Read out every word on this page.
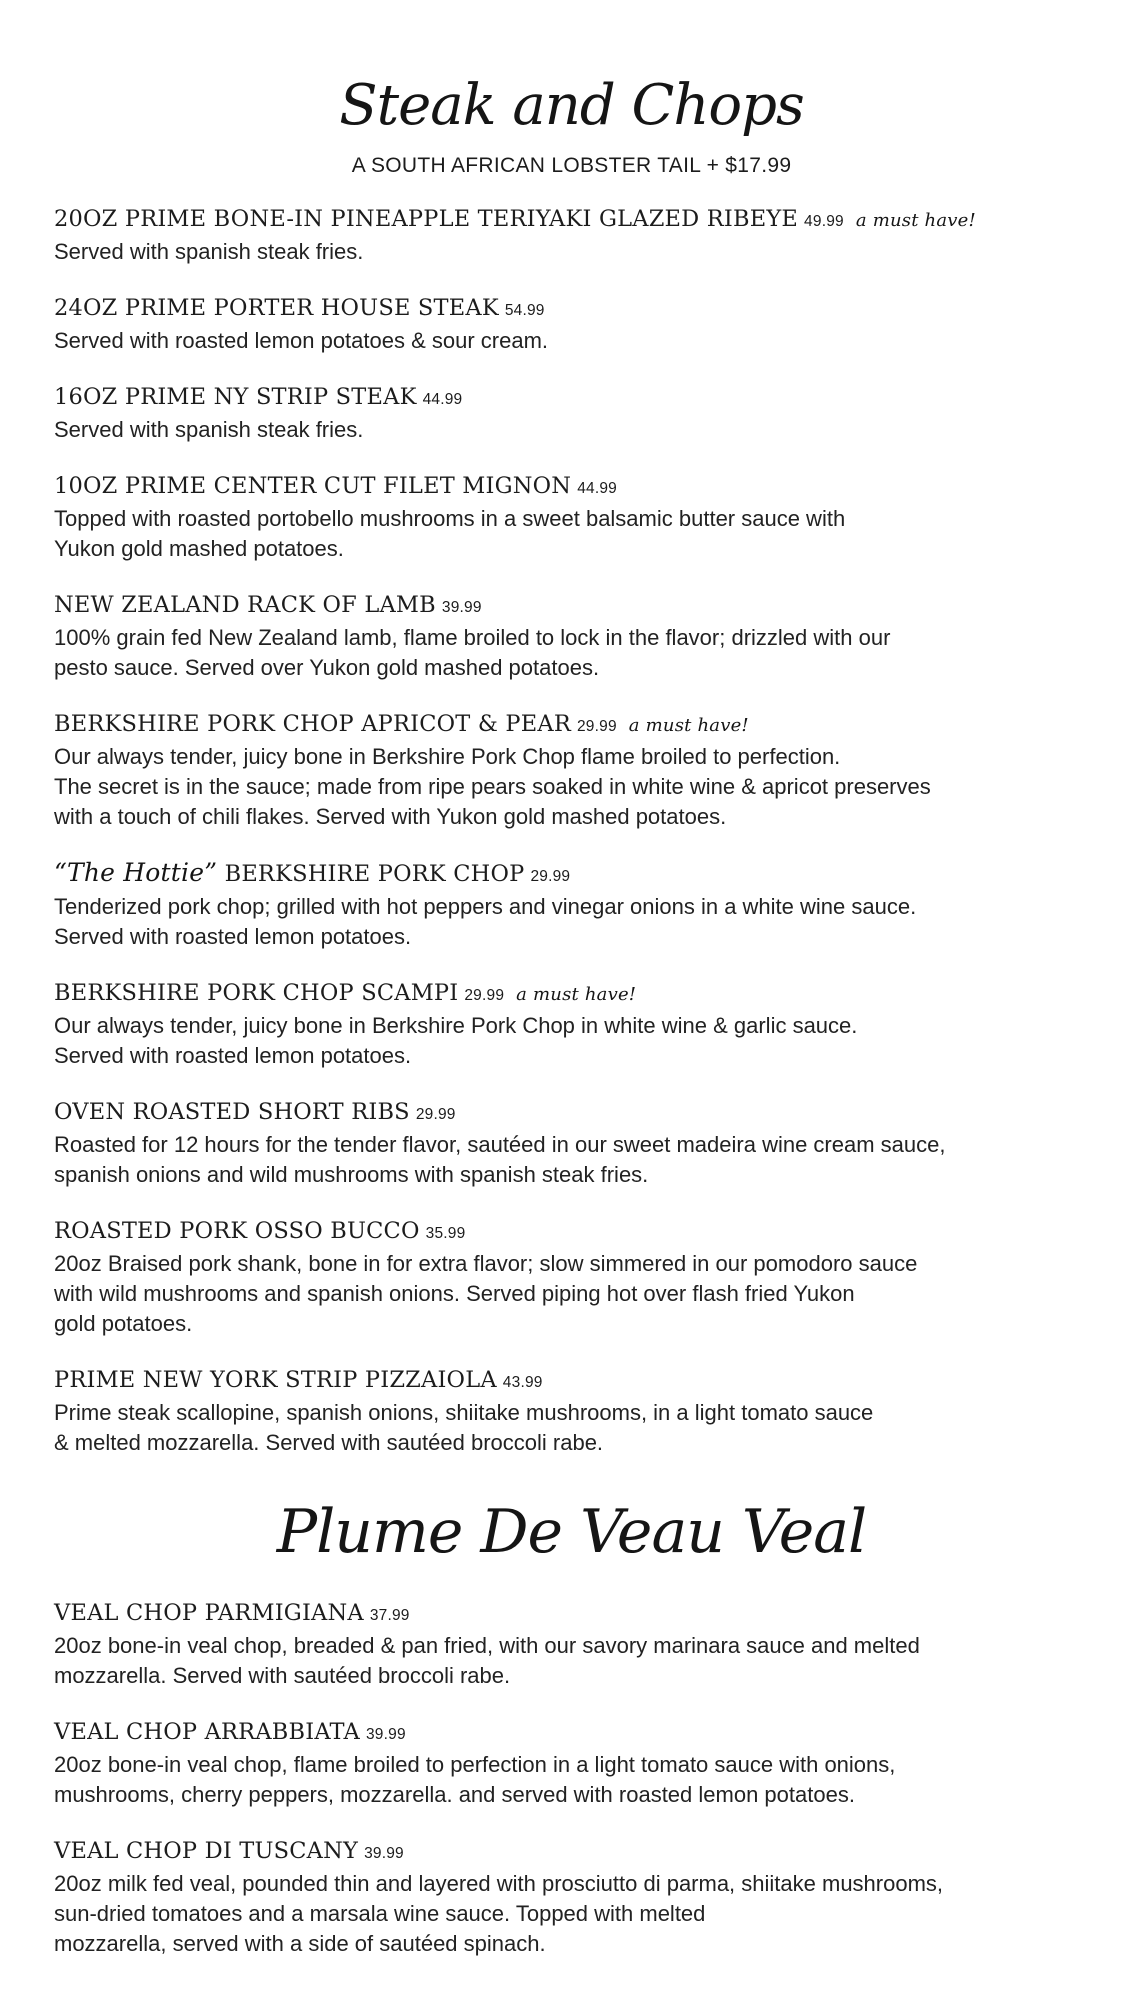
Steak and Chops
A SOUTH AFRICAN LOBSTER TAIL + $17.99
20OZ PRIME BONE-IN PINEAPPLE TERIYAKI GLAZED RIBEYE 49.99 a must have!
Served with spanish steak fries.
24OZ PRIME PORTER HOUSE STEAK 54.99
Served with roasted lemon potatoes & sour cream.
16OZ PRIME NY STRIP STEAK 44.99
Served with spanish steak fries.
10OZ PRIME CENTER CUT FILET MIGNON 44.99
Topped with roasted portobello mushrooms in a sweet balsamic butter sauce with
Yukon gold mashed potatoes.
NEW ZEALAND RACK OF LAMB 39.99
100% grain fed New Zealand lamb, flame broiled to lock in the flavor; drizzled with our
pesto sauce. Served over Yukon gold mashed potatoes.
BERKSHIRE PORK CHOP APRICOT & PEAR 29.99 a must have!
Our always tender, juicy bone in Berkshire Pork Chop flame broiled to perfection.
The secret is in the sauce; made from ripe pears soaked in white wine & apricot preserves
with a touch of chili flakes. Served with Yukon gold mashed potatoes.
“The Hottie” BERKSHIRE PORK CHOP 29.99
Tenderized pork chop; grilled with hot peppers and vinegar onions in a white wine sauce.
Served with roasted lemon potatoes.
BERKSHIRE PORK CHOP SCAMPI 29.99 a must have!
Our always tender, juicy bone in Berkshire Pork Chop in white wine & garlic sauce.
Served with roasted lemon potatoes.
OVEN ROASTED SHORT RIBS 29.99
Roasted for 12 hours for the tender flavor, sautéed in our sweet madeira wine cream sauce,
spanish onions and wild mushrooms with spanish steak fries.
ROASTED PORK OSSO BUCCO 35.99
20oz Braised pork shank, bone in for extra flavor; slow simmered in our pomodoro sauce
with wild mushrooms and spanish onions. Served piping hot over flash fried Yukon
gold potatoes.
PRIME NEW YORK STRIP PIZZAIOLA 43.99
Prime steak scallopine, spanish onions, shiitake mushrooms, in a light tomato sauce
& melted mozzarella. Served with sautéed broccoli rabe.
Plume De Veau Veal
VEAL CHOP PARMIGIANA 37.99
20oz bone-in veal chop, breaded & pan fried, with our savory marinara sauce and melted
mozzarella. Served with sautéed broccoli rabe.
VEAL CHOP ARRABBIATA 39.99
20oz bone-in veal chop, flame broiled to perfection in a light tomato sauce with onions,
mushrooms, cherry peppers, mozzarella. and served with roasted lemon potatoes.
VEAL CHOP DI TUSCANY 39.99
20oz milk fed veal, pounded thin and layered with prosciutto di parma, shiitake mushrooms,
sun-dried tomatoes and a marsala wine sauce. Topped with melted
mozzarella, served with a side of sautéed spinach.
